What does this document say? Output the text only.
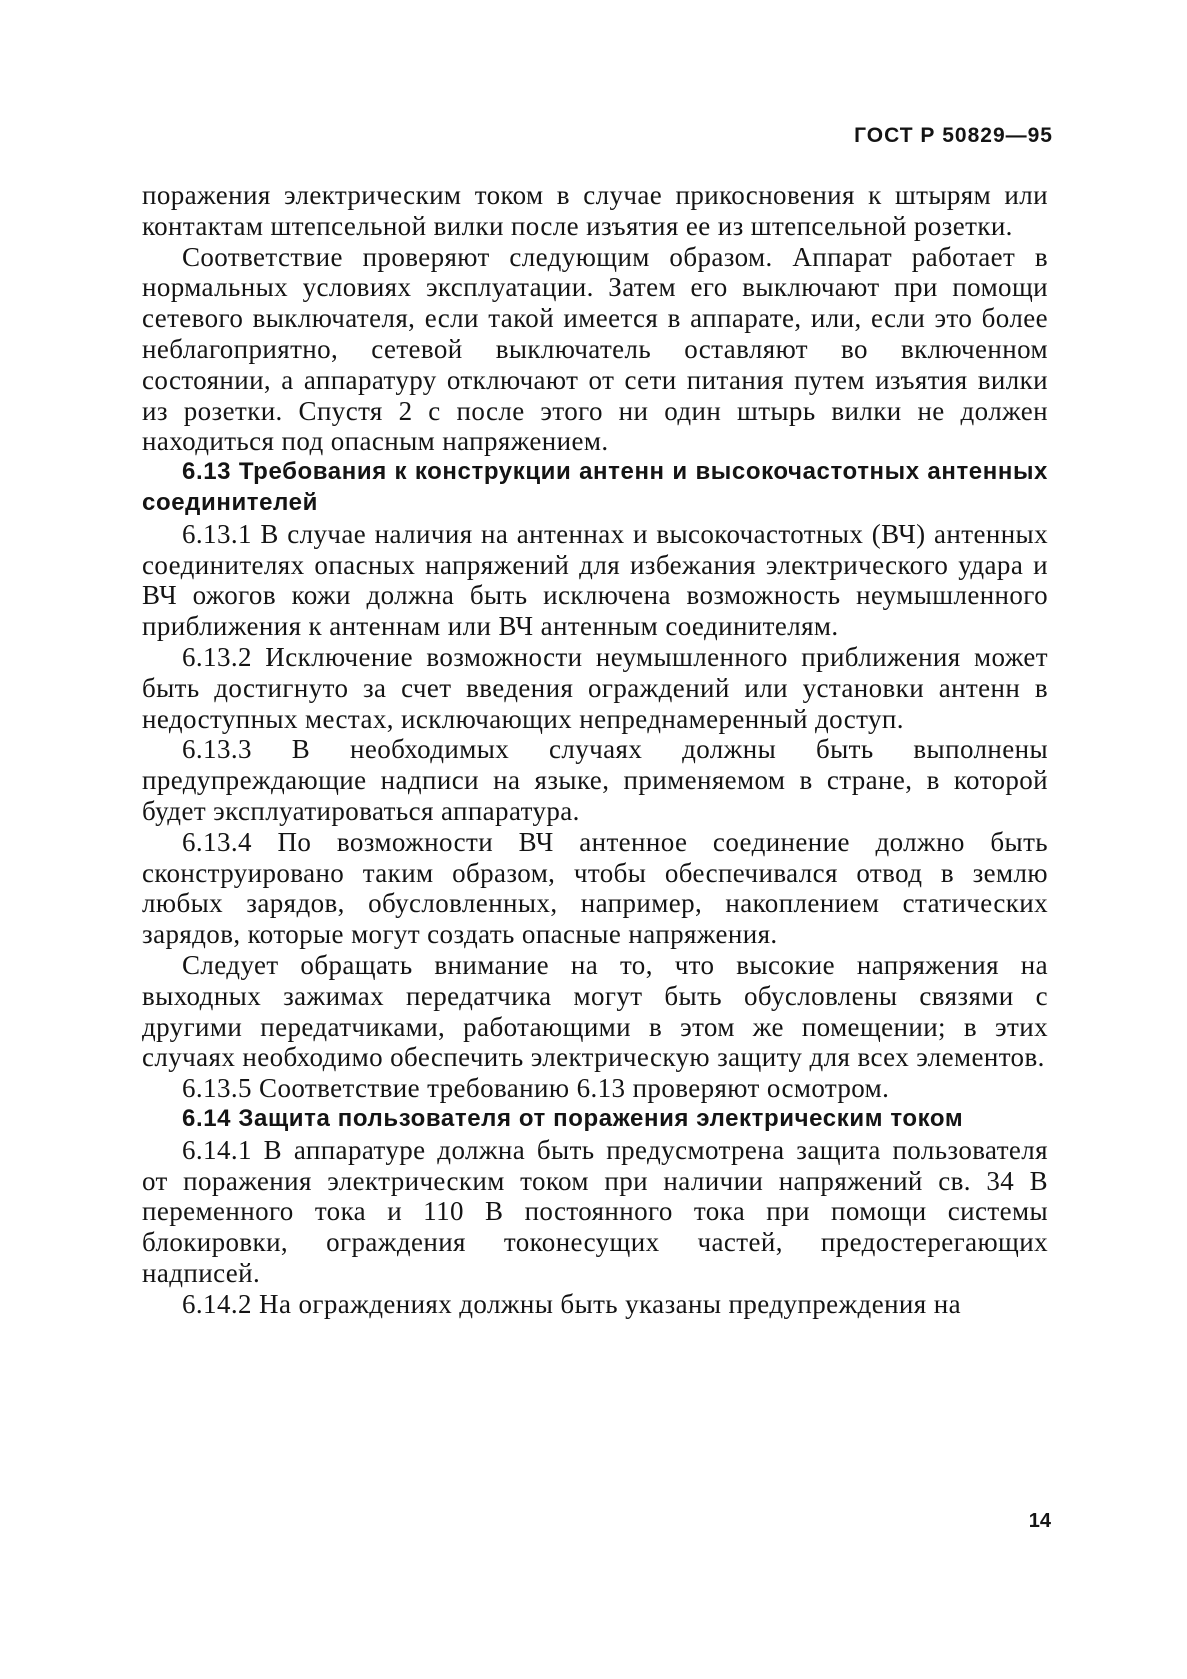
ГОСТ Р 50829—95

поражения электрическим током в случае прикосновения к штырям или контактам штепсельной вилки после изъятия ее из штепсельной розетки.

Соответствие проверяют следующим образом. Аппарат работает в нормальных условиях эксплуатации. Затем его выключают при помощи сетевого выключателя, если такой имеется в аппарате, или, если это более неблагоприятно, сетевой выключатель оставляют во включенном состоянии, а аппаратуру отключают от сети питания путем изъятия вилки из розетки. Спустя 2 с после этого ни один штырь вилки не должен находиться под опасным напряжением.

6.13 Требования к конструкции антенн и высокочастотных антенных соединителей

6.13.1 В случае наличия на антеннах и высокочастотных (ВЧ) антенных соединителях опасных напряжений для избежания электрического удара и ВЧ ожогов кожи должна быть исключена возможность неумышленного приближения к антеннам или ВЧ антенным соединителям.

6.13.2 Исключение возможности неумышленного приближения может быть достигнуто за счет введения ограждений или установки антенн в недоступных местах, исключающих непреднамеренный доступ.

6.13.3 В необходимых случаях должны быть выполнены предупреждающие надписи на языке, применяемом в стране, в которой будет эксплуатироваться аппаратура.

6.13.4 По возможности ВЧ антенное соединение должно быть сконструировано таким образом, чтобы обеспечивался отвод в землю любых зарядов, обусловленных, например, накоплением статических зарядов, которые могут создать опасные напряжения.

Следует обращать внимание на то, что высокие напряжения на выходных зажимах передатчика могут быть обусловлены связями с другими передатчиками, работающими в этом же помещении; в этих случаях необходимо обеспечить электрическую защиту для всех элементов.

6.13.5 Соответствие требованию 6.13 проверяют осмотром.

6.14 Защита пользователя от поражения электрическим током

6.14.1 В аппаратуре должна быть предусмотрена защита пользователя от поражения электрическим током при наличии напряжений св. 34 В переменного тока и 110 В постоянного тока при помощи системы блокировки, ограждения токонесущих частей, предостерегающих надписей.

6.14.2 На ограждениях должны быть указаны предупреждения на

14
